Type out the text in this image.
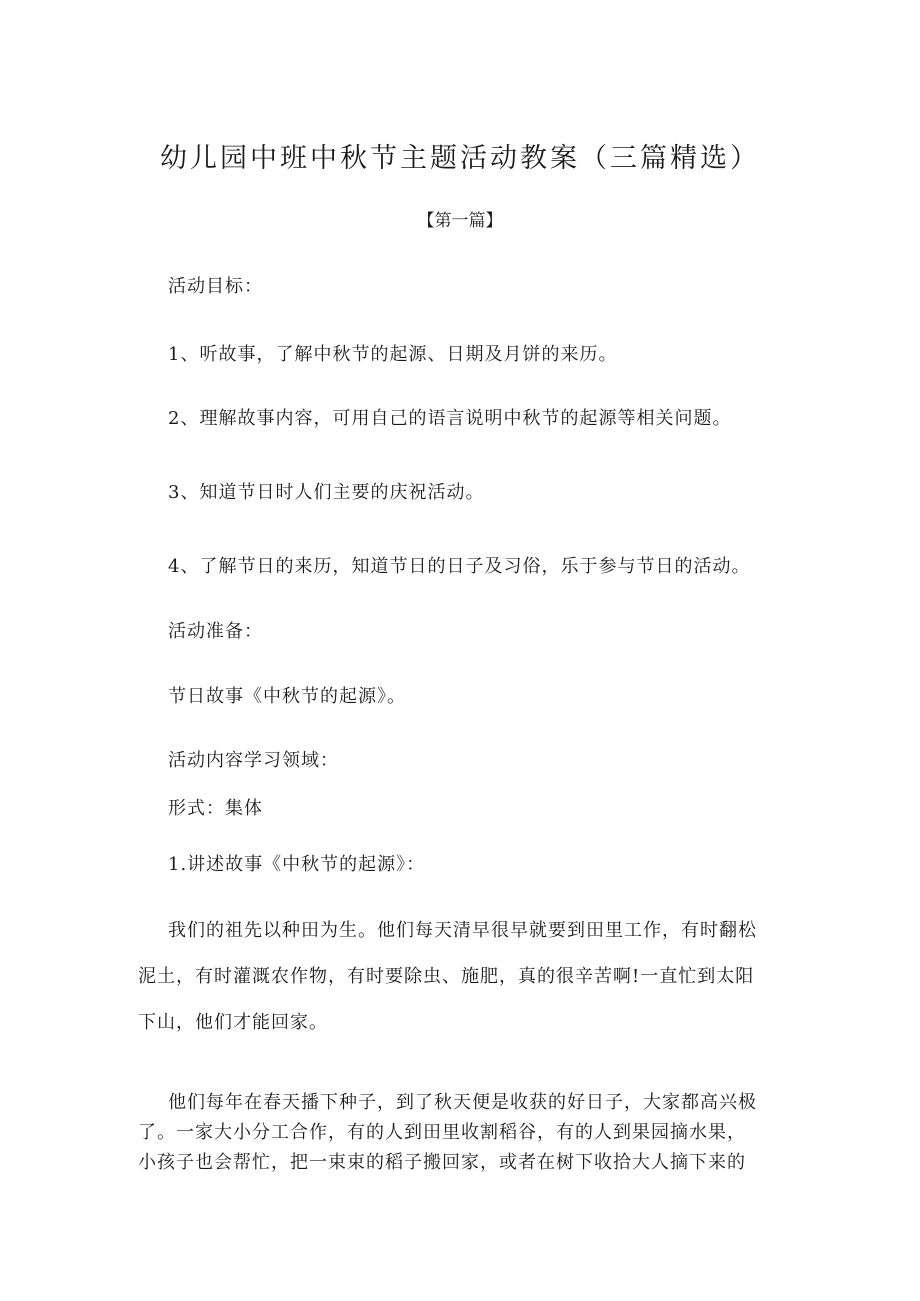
幼儿园中班中秋节主题活动教案（三篇精选）
【第一篇】
活动目标：
1、听故事，了解中秋节的起源、日期及月饼的来历。
2、理解故事内容，可用自己的语言说明中秋节的起源等相关问题。
3、知道节日时人们主要的庆祝活动。
4、了解节日的来历，知道节日的日子及习俗，乐于参与节日的活动。
活动准备：
节日故事《中秋节的起源》。
活动内容学习领域：
形式：集体
1.讲述故事《中秋节的起源》：
我们的祖先以种田为生。他们每天清早很早就要到田里工作，有时翻松
泥土，有时灌溉农作物，有时要除虫、施肥，真的很辛苦啊!一直忙到太阳
下山，他们才能回家。
他们每年在春天播下种子，到了秋天便是收获的好日子，大家都高兴极
了。一家大小分工合作，有的人到田里收割稻谷，有的人到果园摘水果，
小孩子也会帮忙，把一束束的稻子搬回家，或者在树下收拾大人摘下来的
